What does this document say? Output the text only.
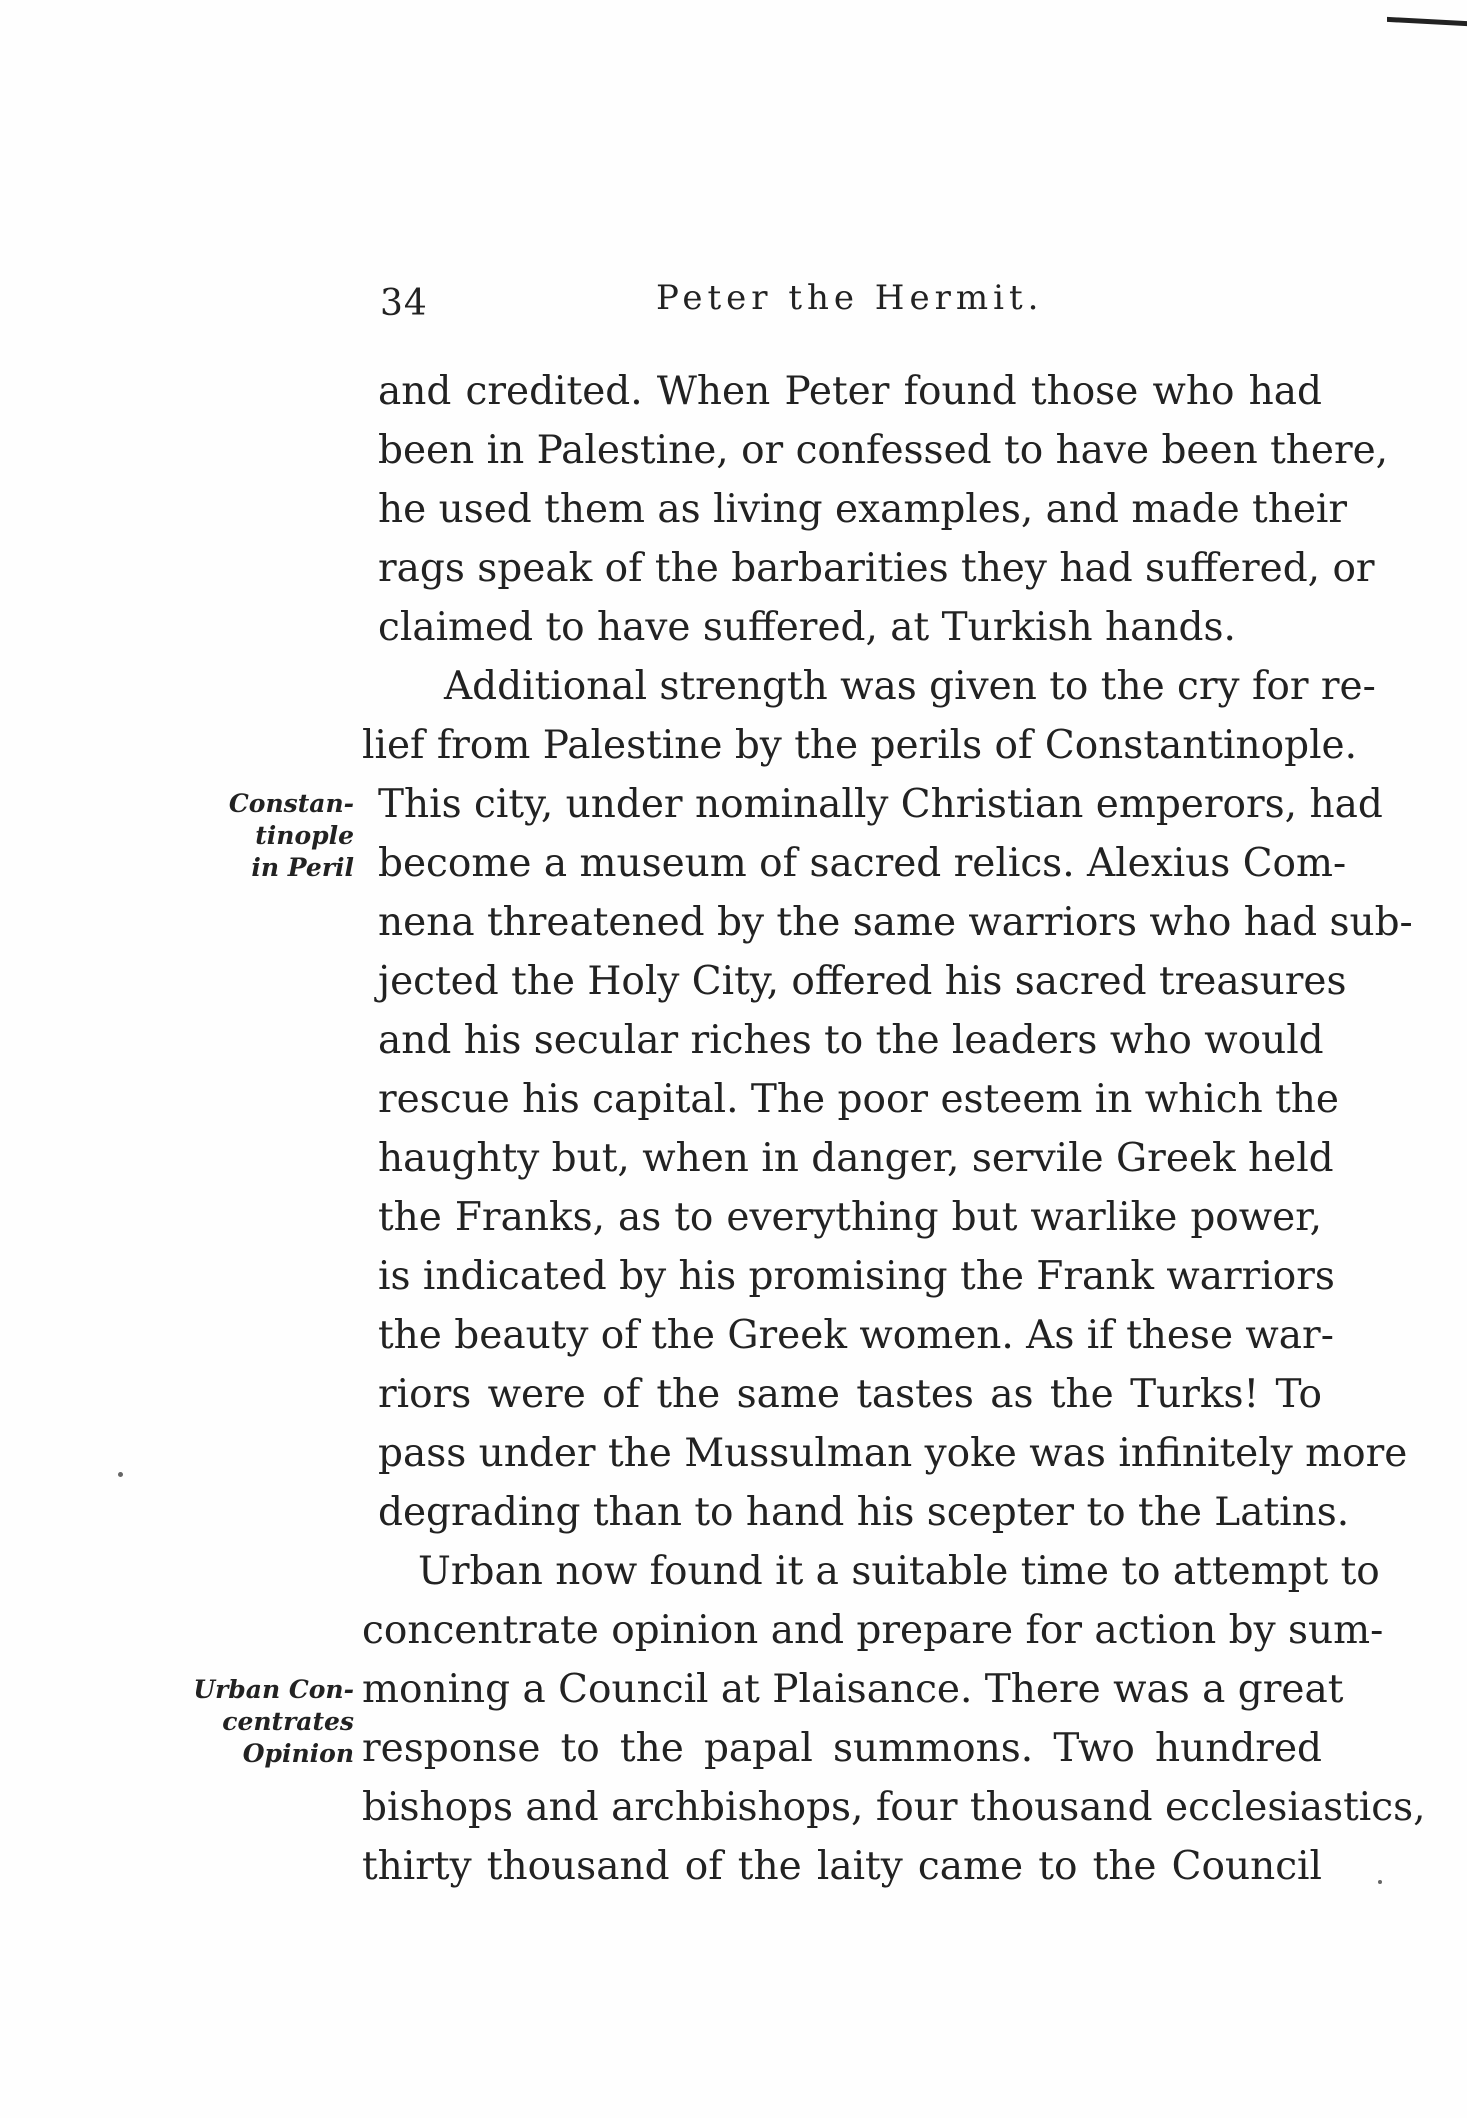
34	Peter the Hermit.
and credited. When Peter found those who had
been in Palestine, or confessed to have been there,
he used them as living examples, and made their
rags speak of the barbarities they had suffered, or
claimed to have suffered, at Turkish hands.
Additional strength was given to the cry for re-
lief from Palestine by the perils of Constantinople.
This city, under nominally Christian emperors, had
become a museum of sacred relics. Alexius Com-
nena threatened by the same warriors who had sub-
jected the Holy City, offered his sacred treasures
and his secular riches to the leaders who would
rescue his capital. The poor esteem in which the
haughty but, when in danger, servile Greek held
the Franks, as to everything but warlike power,
is indicated by his promising the Frank warriors
the beauty of the Greek women. As if these war-
riors were of the same tastes as the Turks! To
pass under the Mussulman yoke was infinitely more
degrading than to hand his scepter to the Latins.
Urban now found it a suitable time to attempt to
concentrate opinion and prepare for action by sum-
moning a Council at Plaisance. There was a great
response to the papal summons. Two hundred
bishops and archbishops, four thousand ecclesiastics,
thirty thousand of the laity came to the Council
Constan-
tinople
in Peril
Urban Con-
centrates
Opinion
